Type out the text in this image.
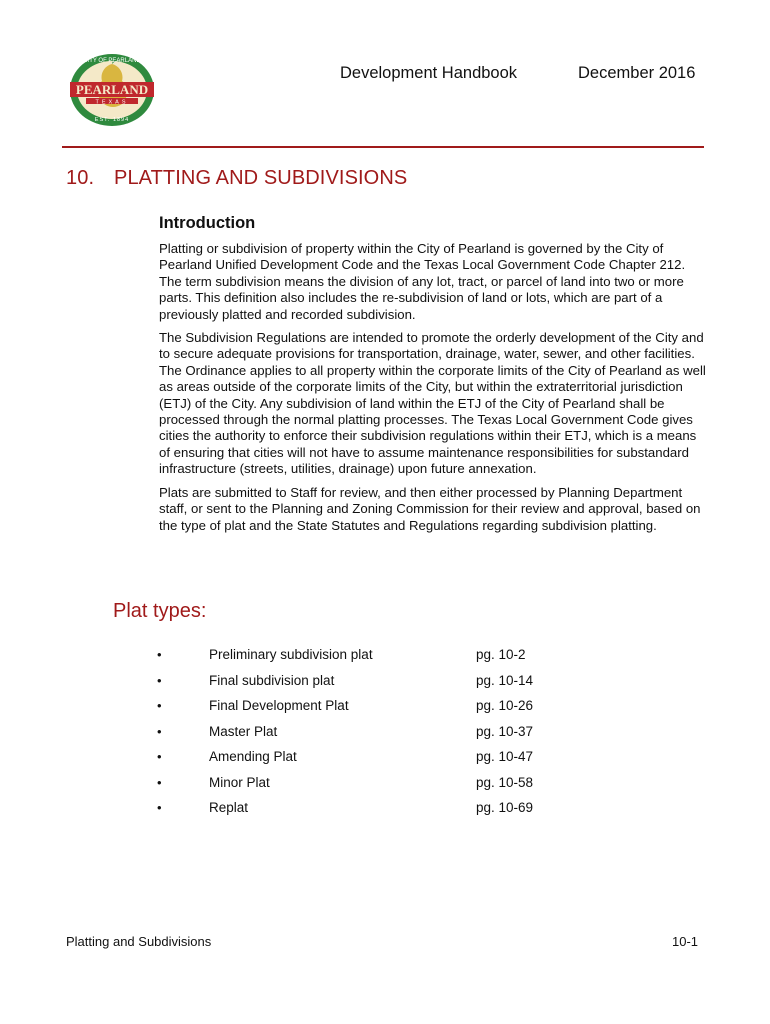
PEARLAND
TEXAS
CITY OF PEARLAND
EST. 1894
Development Handbook	December 2016
10. PLATTING AND SUBDIVISIONS
Introduction

Platting or subdivision of property within the City of Pearland is governed by the City of Pearland Unified Development Code and the Texas Local Government Code Chapter 212. The term subdivision means the division of any lot, tract, or parcel of land into two or more parts. This definition also includes the re-subdivision of land or lots, which are part of a previously platted and recorded subdivision.

The Subdivision Regulations are intended to promote the orderly development of the City and to secure adequate provisions for transportation, drainage, water, sewer, and other facilities. The Ordinance applies to all property within the corporate limits of the City of Pearland as well as areas outside of the corporate limits of the City, but within the extraterritorial jurisdiction (ETJ) of the City. Any subdivision of land within the ETJ of the City of Pearland shall be processed through the normal platting processes. The Texas Local Government Code gives cities the authority to enforce their subdivision regulations within their ETJ, which is a means of ensuring that cities will not have to assume maintenance responsibilities for substandard infrastructure (streets, utilities, drainage) upon future annexation.

Plats are submitted to Staff for review, and then either processed by Planning Department staff, or sent to the Planning and Zoning Commission for their review and approval, based on the type of plat and the State Statutes and Regulations regarding subdivision platting.

Plat types:
•	Preliminary subdivision plat	pg. 10-2
•	Final subdivision plat	pg. 10-14
•	Final Development Plat	pg. 10-26
•	Master Plat	pg. 10-37
•	Amending Plat	pg. 10-47
•	Minor Plat	pg. 10-58
•	Replat	pg. 10-69
Platting and Subdivisions	10-1
